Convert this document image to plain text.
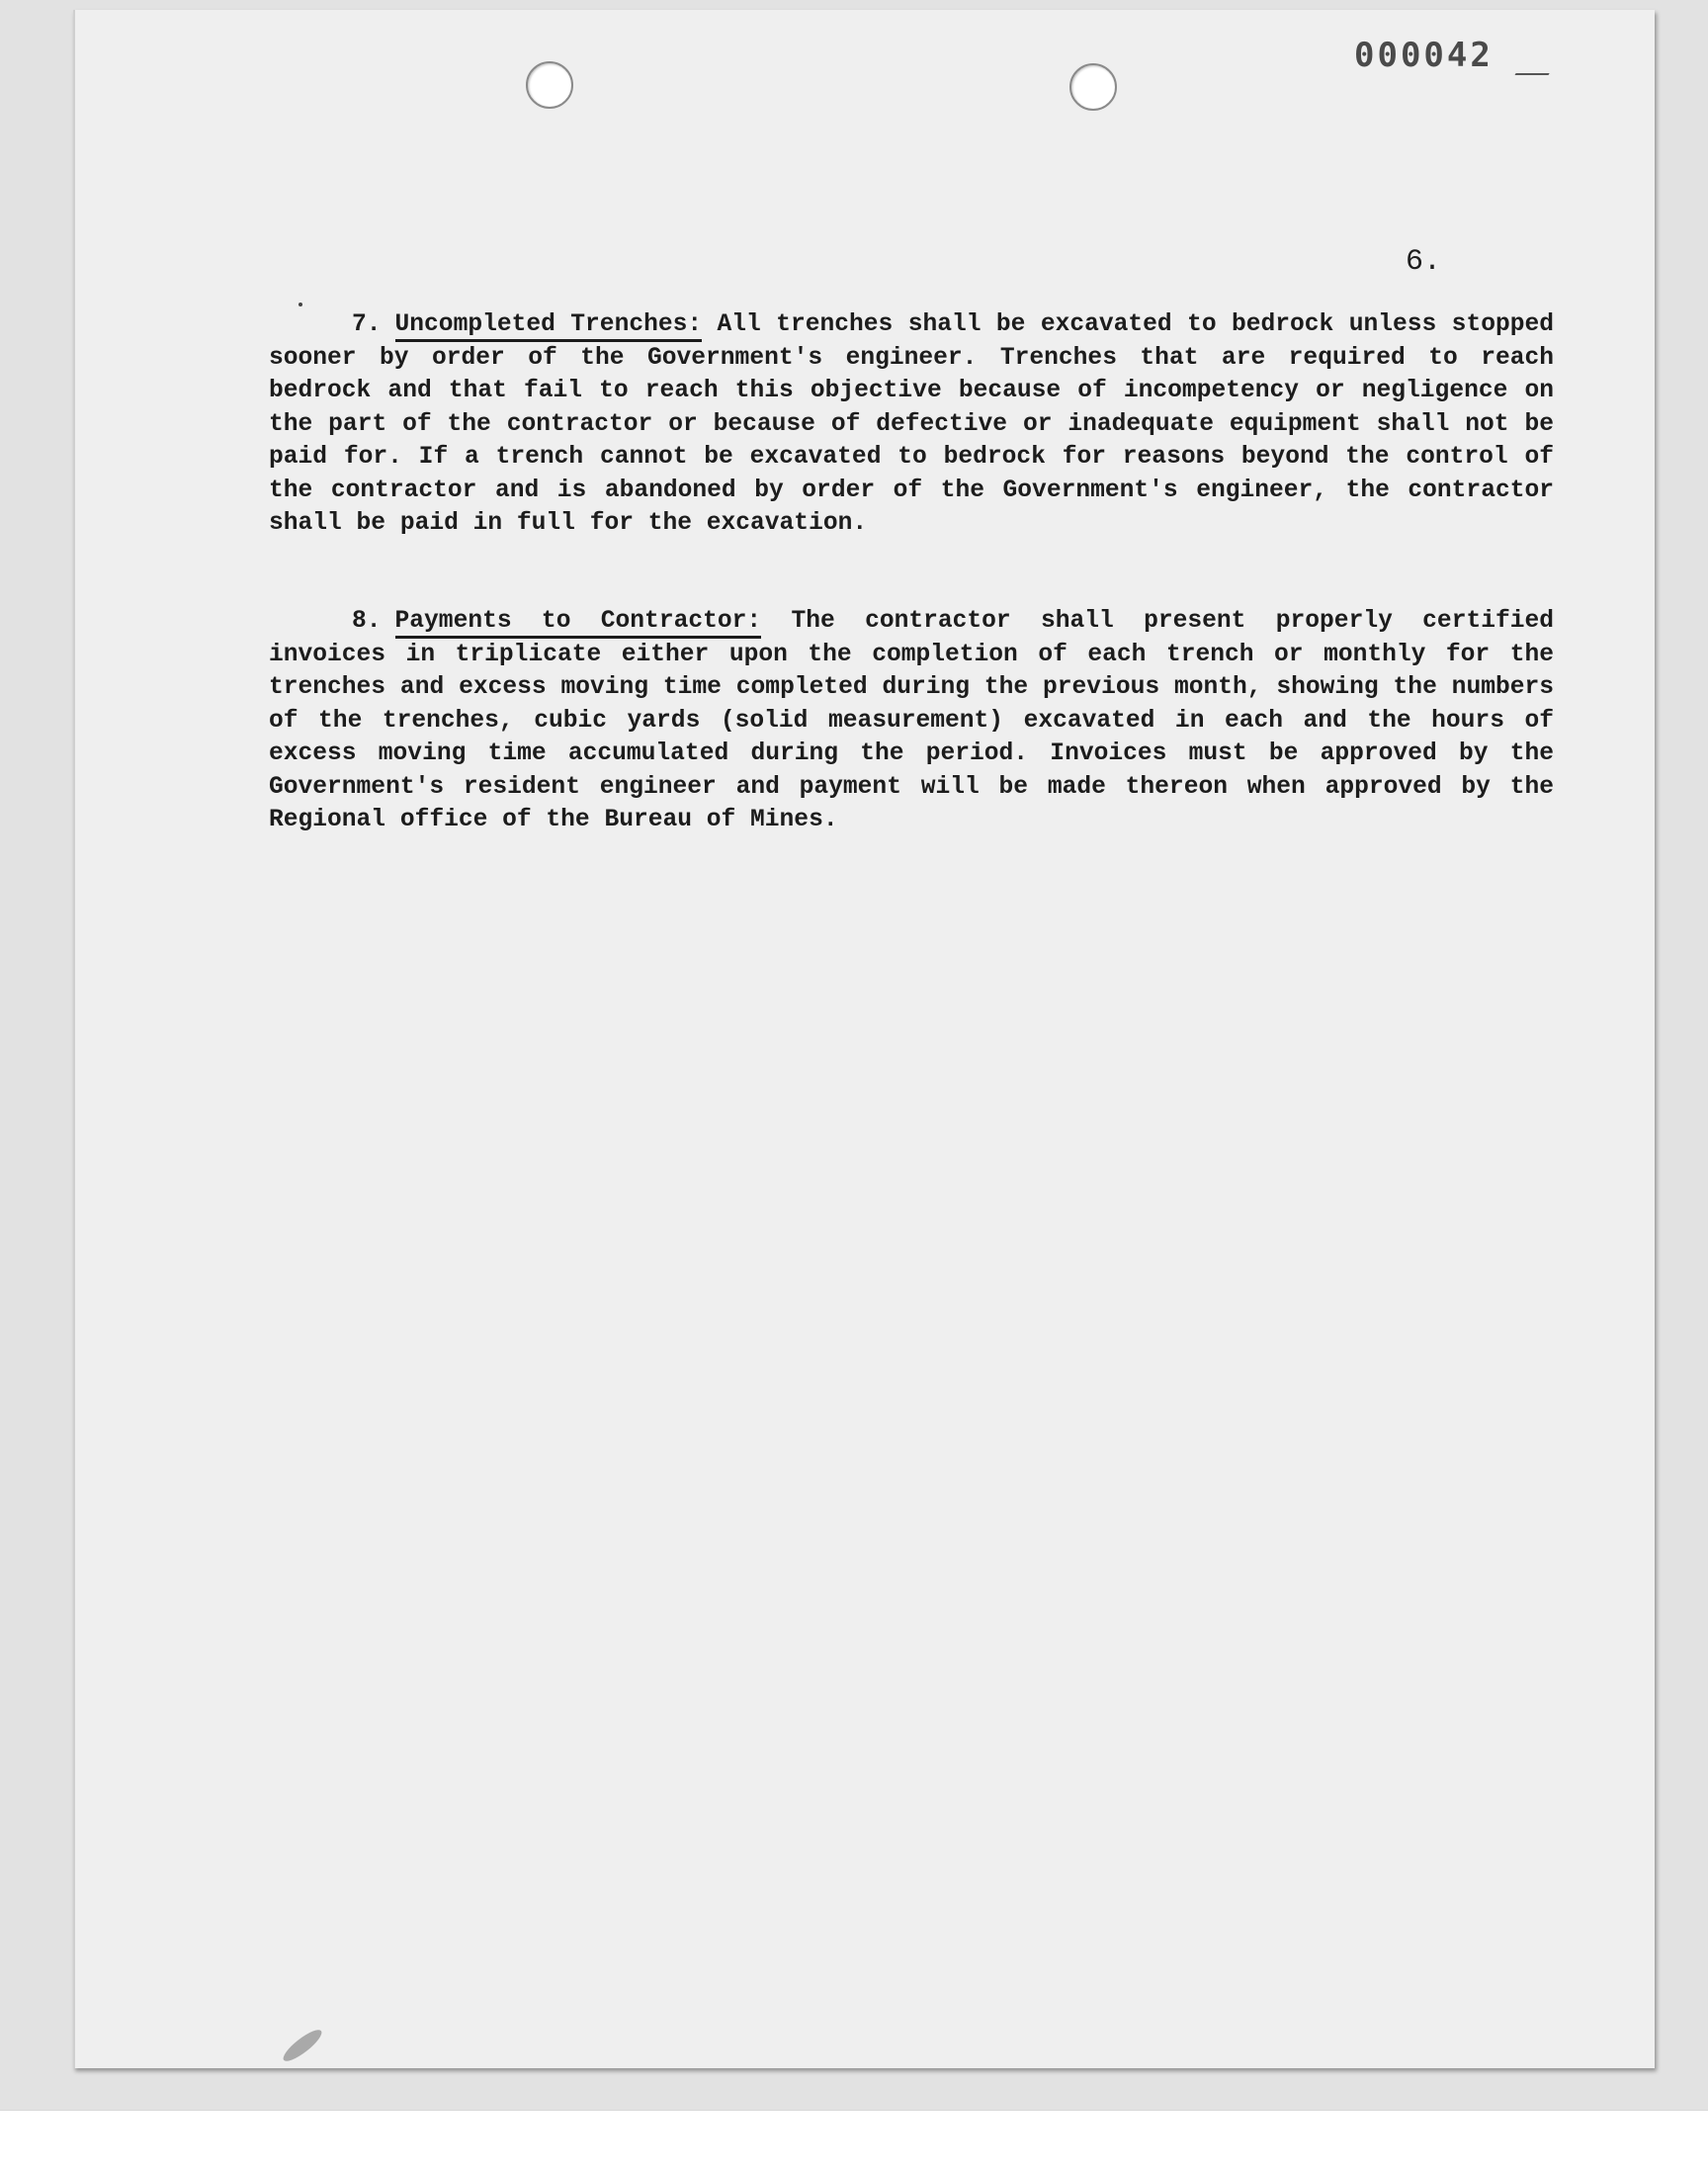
000042
6.
7. Uncompleted Trenches: All trenches shall be excavated to bedrock unless stopped sooner by order of the Government's engineer. Trenches that are required to reach bedrock and that fail to reach this objective because of incompetency or negligence on the part of the contractor or because of defective or inadequate equipment shall not be paid for. If a trench cannot be excavated to bedrock for reasons beyond the control of the contractor and is abandoned by order of the Government's engineer, the contractor shall be paid in full for the excavation.
8. Payments to Contractor: The contractor shall present properly certified invoices in triplicate either upon the completion of each trench or monthly for the trenches and excess moving time completed during the previous month, showing the numbers of the trenches, cubic yards (solid measurement) excavated in each and the hours of excess moving time accumulated during the period. Invoices must be approved by the Government's resident engineer and payment will be made thereon when approved by the Regional office of the Bureau of Mines.
